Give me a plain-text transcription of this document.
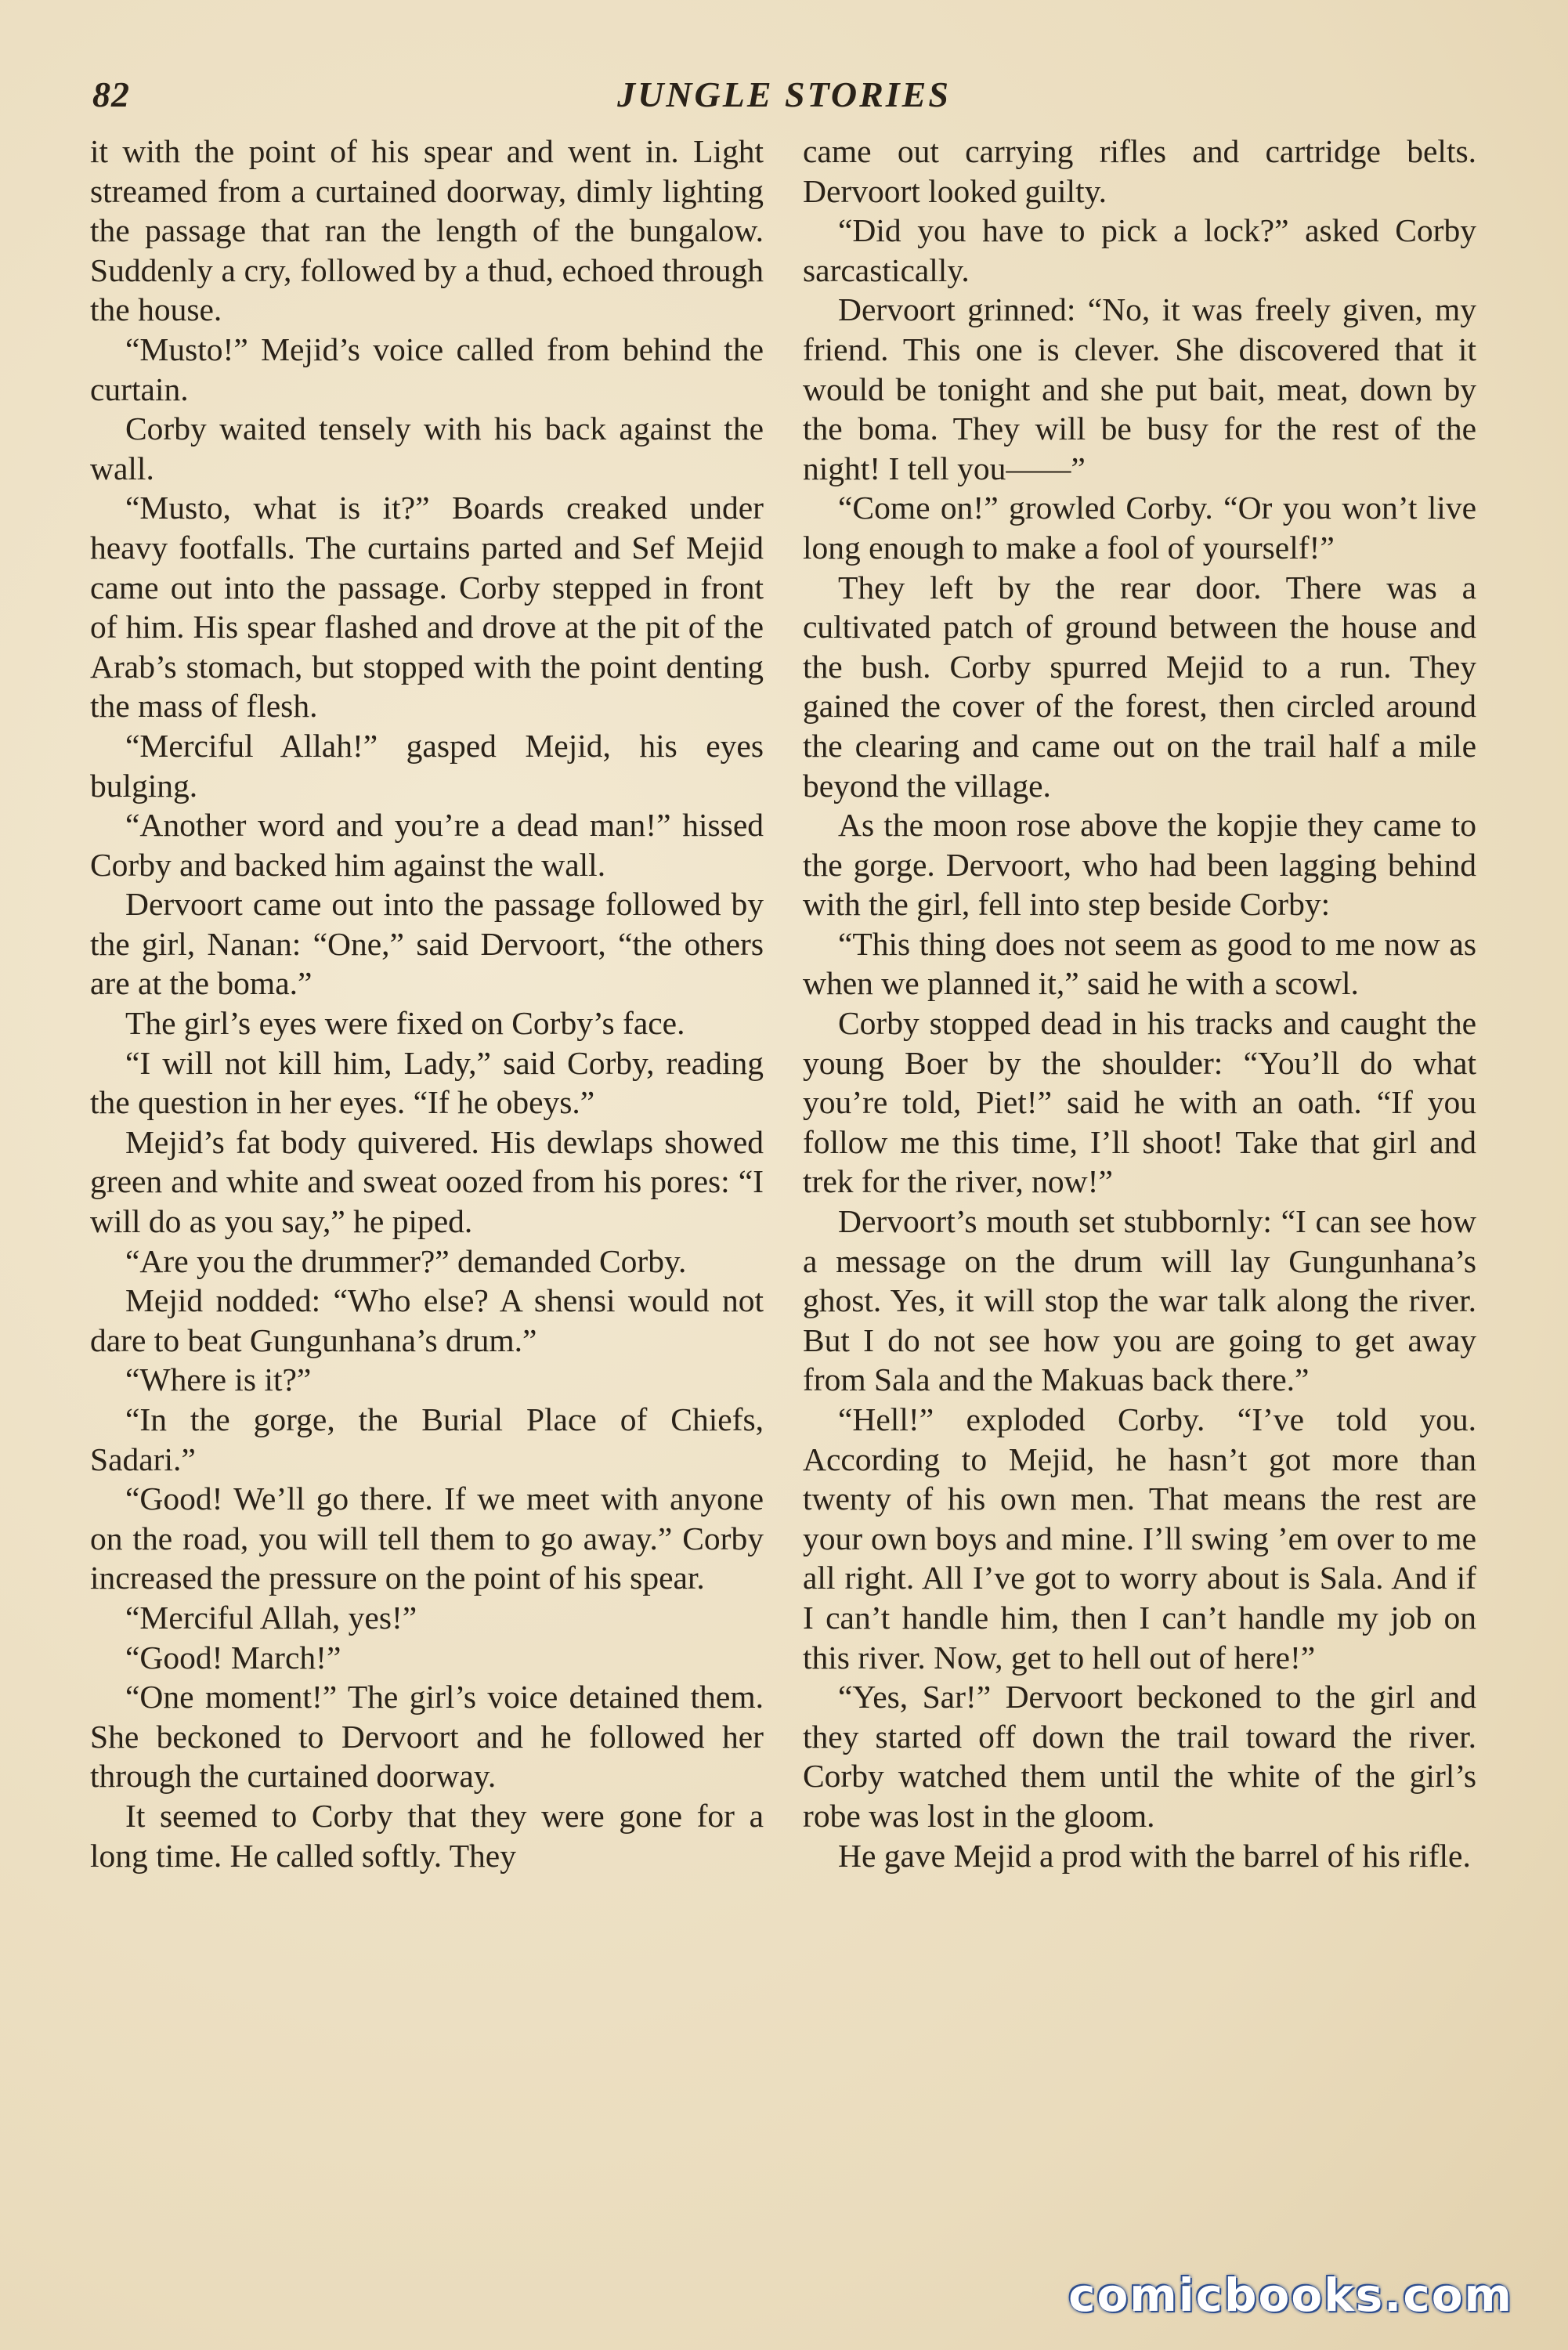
82	JUNGLE STORIES

it with the point of his spear and went in. Light streamed from a curtained doorway, dimly lighting the passage that ran the length of the bungalow. Suddenly a cry, followed by a thud, echoed through the house.

“Musto!” Mejid’s voice called from behind the curtain.

Corby waited tensely with his back against the wall.

“Musto, what is it?” Boards creaked under heavy footfalls. The curtains parted and Sef Mejid came out into the passage. Corby stepped in front of him. His spear flashed and drove at the pit of the Arab’s stomach, but stopped with the point denting the mass of flesh.

“Merciful Allah!” gasped Mejid, his eyes bulging.

“Another word and you’re a dead man!” hissed Corby and backed him against the wall.

Dervoort came out into the passage followed by the girl, Nanan: “One,” said Dervoort, “the others are at the boma.”

The girl’s eyes were fixed on Corby’s face.

“I will not kill him, Lady,” said Corby, reading the question in her eyes. “If he obeys.”

Mejid’s fat body quivered. His dewlaps showed green and white and sweat oozed from his pores: “I will do as you say,” he piped.

“Are you the drummer?” demanded Corby.

Mejid nodded: “Who else? A shensi would not dare to beat Gungunhana’s drum.”

“Where is it?”

“In the gorge, the Burial Place of Chiefs, Sadari.”

“Good! We’ll go there. If we meet with anyone on the road, you will tell them to go away.” Corby increased the pressure on the point of his spear.

“Merciful Allah, yes!”

“Good! March!”

“One moment!” The girl’s voice detained them. She beckoned to Dervoort and he followed her through the curtained doorway.

It seemed to Corby that they were gone for a long time. He called softly. They

came out carrying rifles and cartridge belts. Dervoort looked guilty.

“Did you have to pick a lock?” asked Corby sarcastically.

Dervoort grinned: “No, it was freely given, my friend. This one is clever. She discovered that it would be tonight and she put bait, meat, down by the boma. They will be busy for the rest of the night! I tell you——”

“Come on!” growled Corby. “Or you won’t live long enough to make a fool of yourself!”

They left by the rear door. There was a cultivated patch of ground between the house and the bush. Corby spurred Mejid to a run. They gained the cover of the forest, then circled around the clearing and came out on the trail half a mile beyond the village.

As the moon rose above the kopjie they came to the gorge. Dervoort, who had been lagging behind with the girl, fell into step beside Corby:

“This thing does not seem as good to me now as when we planned it,” said he with a scowl.

Corby stopped dead in his tracks and caught the young Boer by the shoulder: “You’ll do what you’re told, Piet!” said he with an oath. “If you follow me this time, I’ll shoot! Take that girl and trek for the river, now!”

Dervoort’s mouth set stubbornly: “I can see how a message on the drum will lay Gungunhana’s ghost. Yes, it will stop the war talk along the river. But I do not see how you are going to get away from Sala and the Makuas back there.”

“Hell!” exploded Corby. “I’ve told you. According to Mejid, he hasn’t got more than twenty of his own men. That means the rest are your own boys and mine. I’ll swing ’em over to me all right. All I’ve got to worry about is Sala. And if I can’t handle him, then I can’t handle my job on this river. Now, get to hell out of here!”

“Yes, Sar!” Dervoort beckoned to the girl and they started off down the trail toward the river. Corby watched them until the white of the girl’s robe was lost in the gloom.

He gave Mejid a prod with the barrel of his rifle.

comicbooks.com
